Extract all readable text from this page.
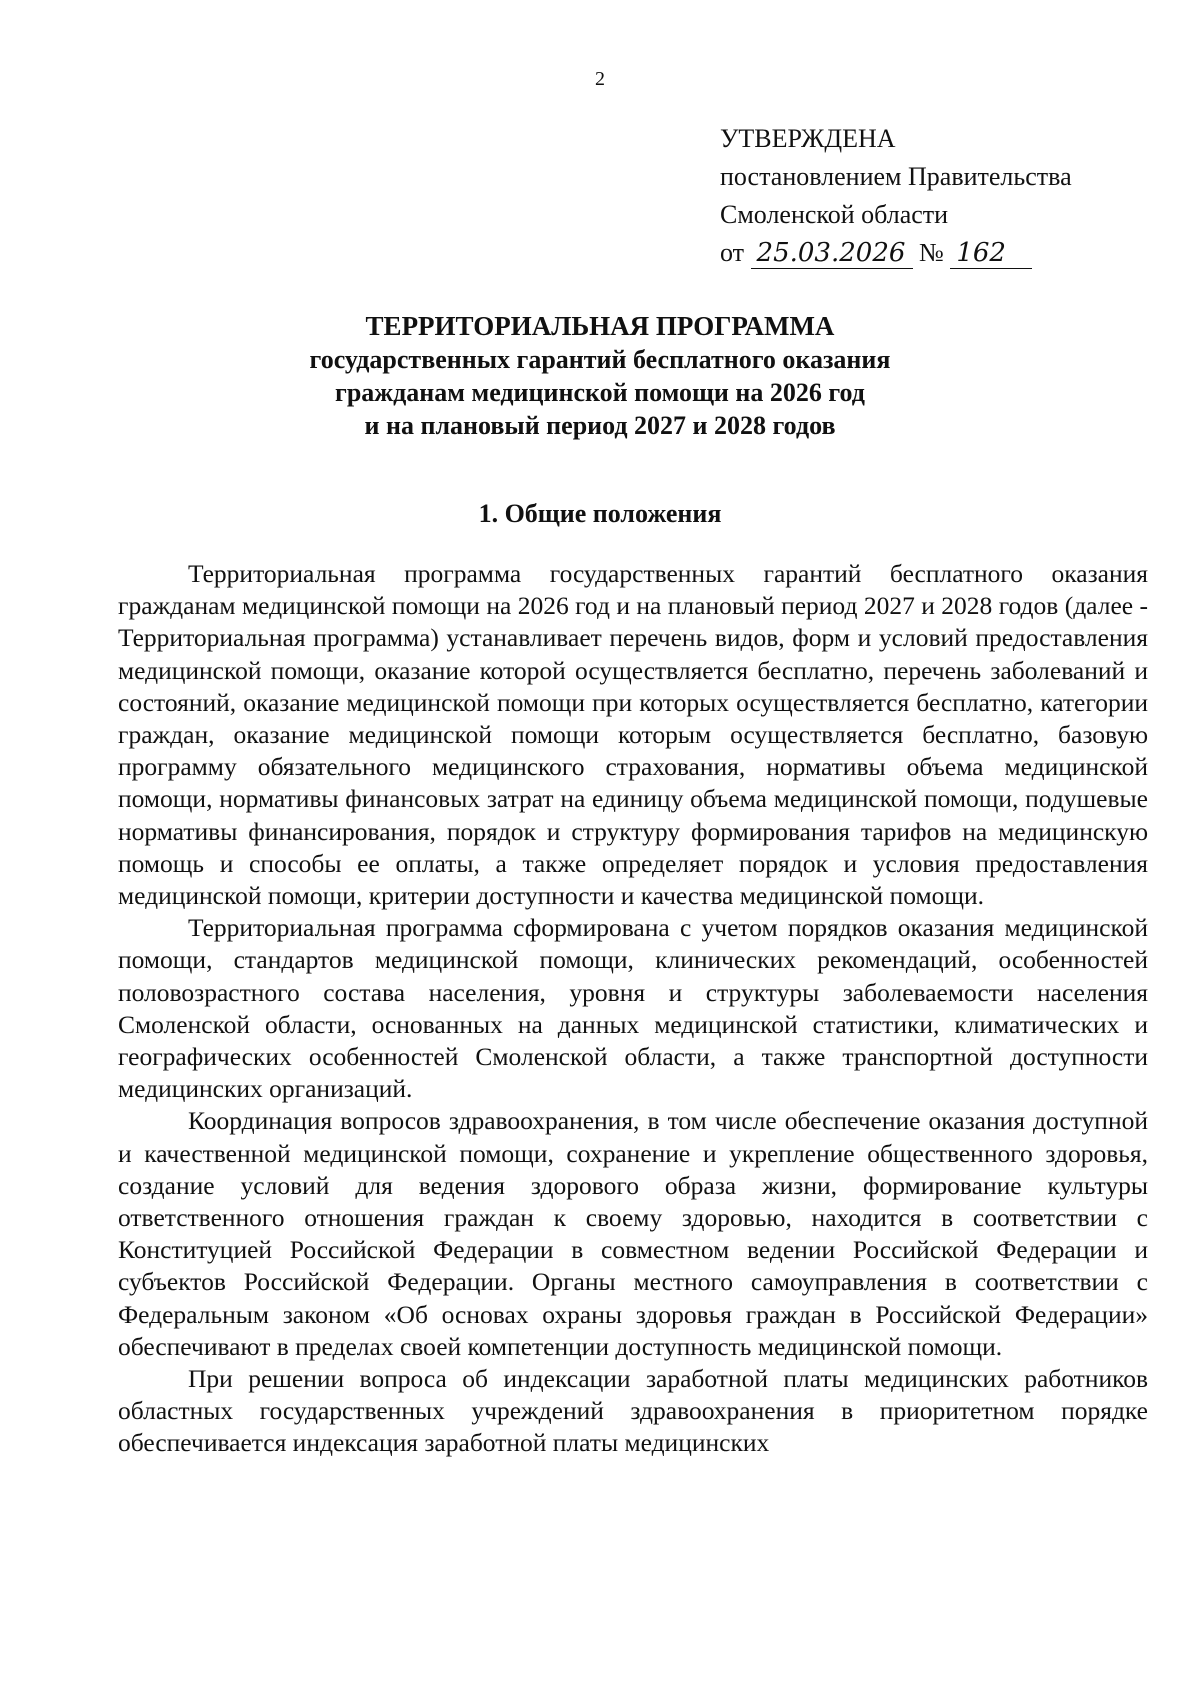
2
УТВЕРЖДЕНА
постановлением Правительства
Смоленской области
от 25.03.2026 № 162
ТЕРРИТОРИАЛЬНАЯ ПРОГРАММА
государственных гарантий бесплатного оказания
гражданам медицинской помощи на 2026 год
и на плановый период 2027 и 2028 годов
1. Общие положения

Территориальная программа государственных гарантий бесплатного оказания гражданам медицинской помощи на 2026 год и на плановый период 2027 и 2028 годов (далее - Территориальная программа) устанавливает перечень видов, форм и условий предоставления медицинской помощи, оказание которой осуществляется бесплатно, перечень заболеваний и состояний, оказание медицинской помощи при которых осуществляется бесплатно, категории граждан, оказание медицинской помощи которым осуществляется бесплатно, базовую программу обязательного медицинского страхования, нормативы объема медицинской помощи, нормативы финансовых затрат на единицу объема медицинской помощи, подушевые нормативы финансирования, порядок и структуру формирования тарифов на медицинскую помощь и способы ее оплаты, а также определяет порядок и условия предоставления медицинской помощи, критерии доступности и качества медицинской помощи.

Территориальная программа сформирована с учетом порядков оказания медицинской помощи, стандартов медицинской помощи, клинических рекомендаций, особенностей половозрастного состава населения, уровня и структуры заболеваемости населения Смоленской области, основанных на данных медицинской статистики, климатических и географических особенностей Смоленской области, а также транспортной доступности медицинских организаций.

Координация вопросов здравоохранения, в том числе обеспечение оказания доступной и качественной медицинской помощи, сохранение и укрепление общественного здоровья, создание условий для ведения здорового образа жизни, формирование культуры ответственного отношения граждан к своему здоровью, находится в соответствии с Конституцией Российской Федерации в совместном ведении Российской Федерации и субъектов Российской Федерации. Органы местного самоуправления в соответствии с Федеральным законом «Об основах охраны здоровья граждан в Российской Федерации» обеспечивают в пределах своей компетенции доступность медицинской помощи.

При решении вопроса об индексации заработной платы медицинских работников областных государственных учреждений здравоохранения в приоритетном порядке обеспечивается индексация заработной платы медицинских
